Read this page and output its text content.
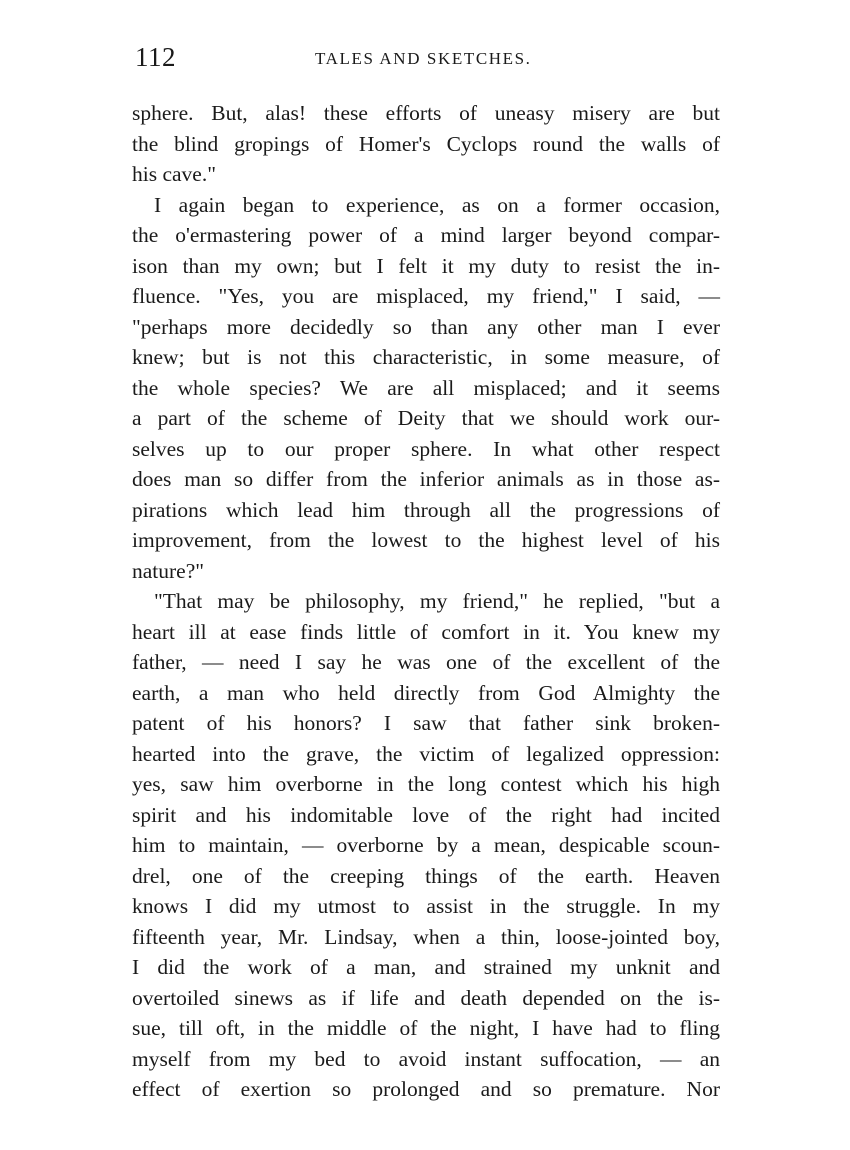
112	TALES AND SKETCHES.
sphere. But, alas! these efforts of uneasy misery are but
the blind gropings of Homer's Cyclops round the walls of
his cave."
I again began to experience, as on a former occasion,
the o'ermastering power of a mind larger beyond compar-
ison than my own; but I felt it my duty to resist the in-
fluence. "Yes, you are misplaced, my friend," I said, —
"perhaps more decidedly so than any other man I ever
knew; but is not this characteristic, in some measure, of
the whole species? We are all misplaced; and it seems
a part of the scheme of Deity that we should work our-
selves up to our proper sphere. In what other respect
does man so differ from the inferior animals as in those as-
pirations which lead him through all the progressions of
improvement, from the lowest to the highest level of his
nature?"
"That may be philosophy, my friend," he replied, "but a
heart ill at ease finds little of comfort in it. You knew my
father, — need I say he was one of the excellent of the
earth, a man who held directly from God Almighty the
patent of his honors? I saw that father sink broken-
hearted into the grave, the victim of legalized oppression:
yes, saw him overborne in the long contest which his high
spirit and his indomitable love of the right had incited
him to maintain, — overborne by a mean, despicable scoun-
drel, one of the creeping things of the earth. Heaven
knows I did my utmost to assist in the struggle. In my
fifteenth year, Mr. Lindsay, when a thin, loose-jointed boy,
I did the work of a man, and strained my unknit and
overtoiled sinews as if life and death depended on the is-
sue, till oft, in the middle of the night, I have had to fling
myself from my bed to avoid instant suffocation, — an
effect of exertion so prolonged and so premature. Nor
